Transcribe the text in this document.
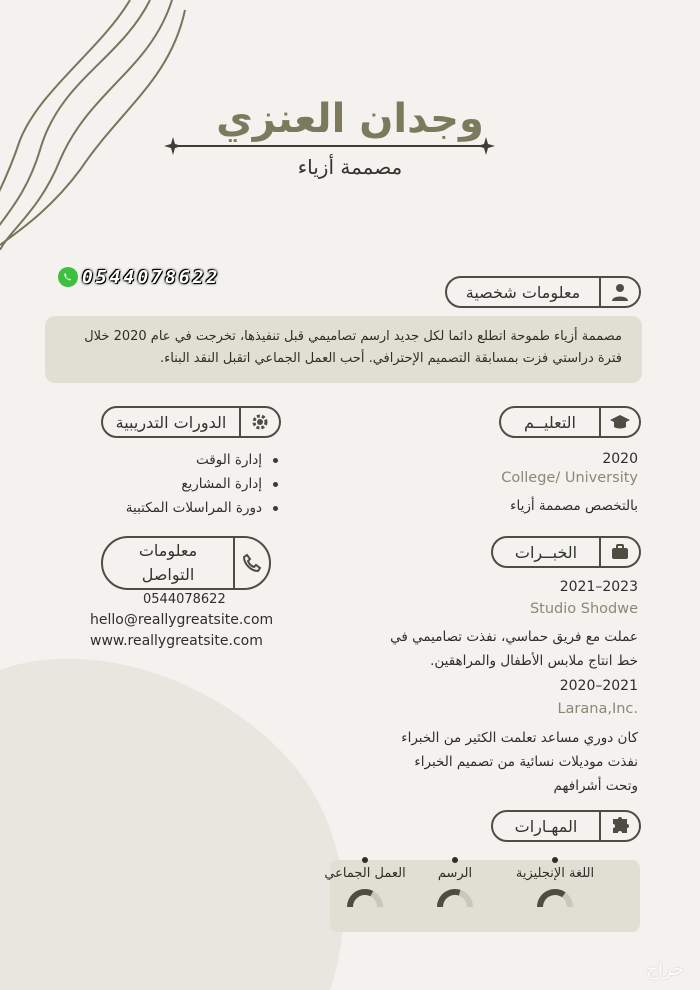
وجدان العنزي
مصممة أزياء
0544078622
معلومات شخصية
مصممة أزياء طموحة اتطلع دائما لكل جديد ارسم تصاميمي قبل تنفيذها، تخرجت في عام 2020 خلال فترة دراستي فزت بمسابقة التصميم الإحترافي. أحب العمل الجماعي اتقبل النقد البناء.
الدورات التدريبية
إدارة الوقت
إدارة المشاريع
دورة المراسلات المكتبية
معلومات
التواصل
0544078622
hello@reallygreatsite.com
www.reallygreatsite.com
التعليــم
2020
College/ University
بالتخصص مصممة أزياء
الخبــرات
2021–2023
Studio Shodwe
عملت مع فريق حماسي، نفذت تصاميمي في
خط انتاج ملابس الأطفال والمراهقين.
2020–2021
Larana,Inc.
كان دوري مساعد تعلمت الكثير من الخبراء
نفذت موديلات نسائية من تصميم الخبراء
وتحت أشرافهم
المهـارات
اللغة الإنجليزية
الرسم
العمل الجماعي
حراج
